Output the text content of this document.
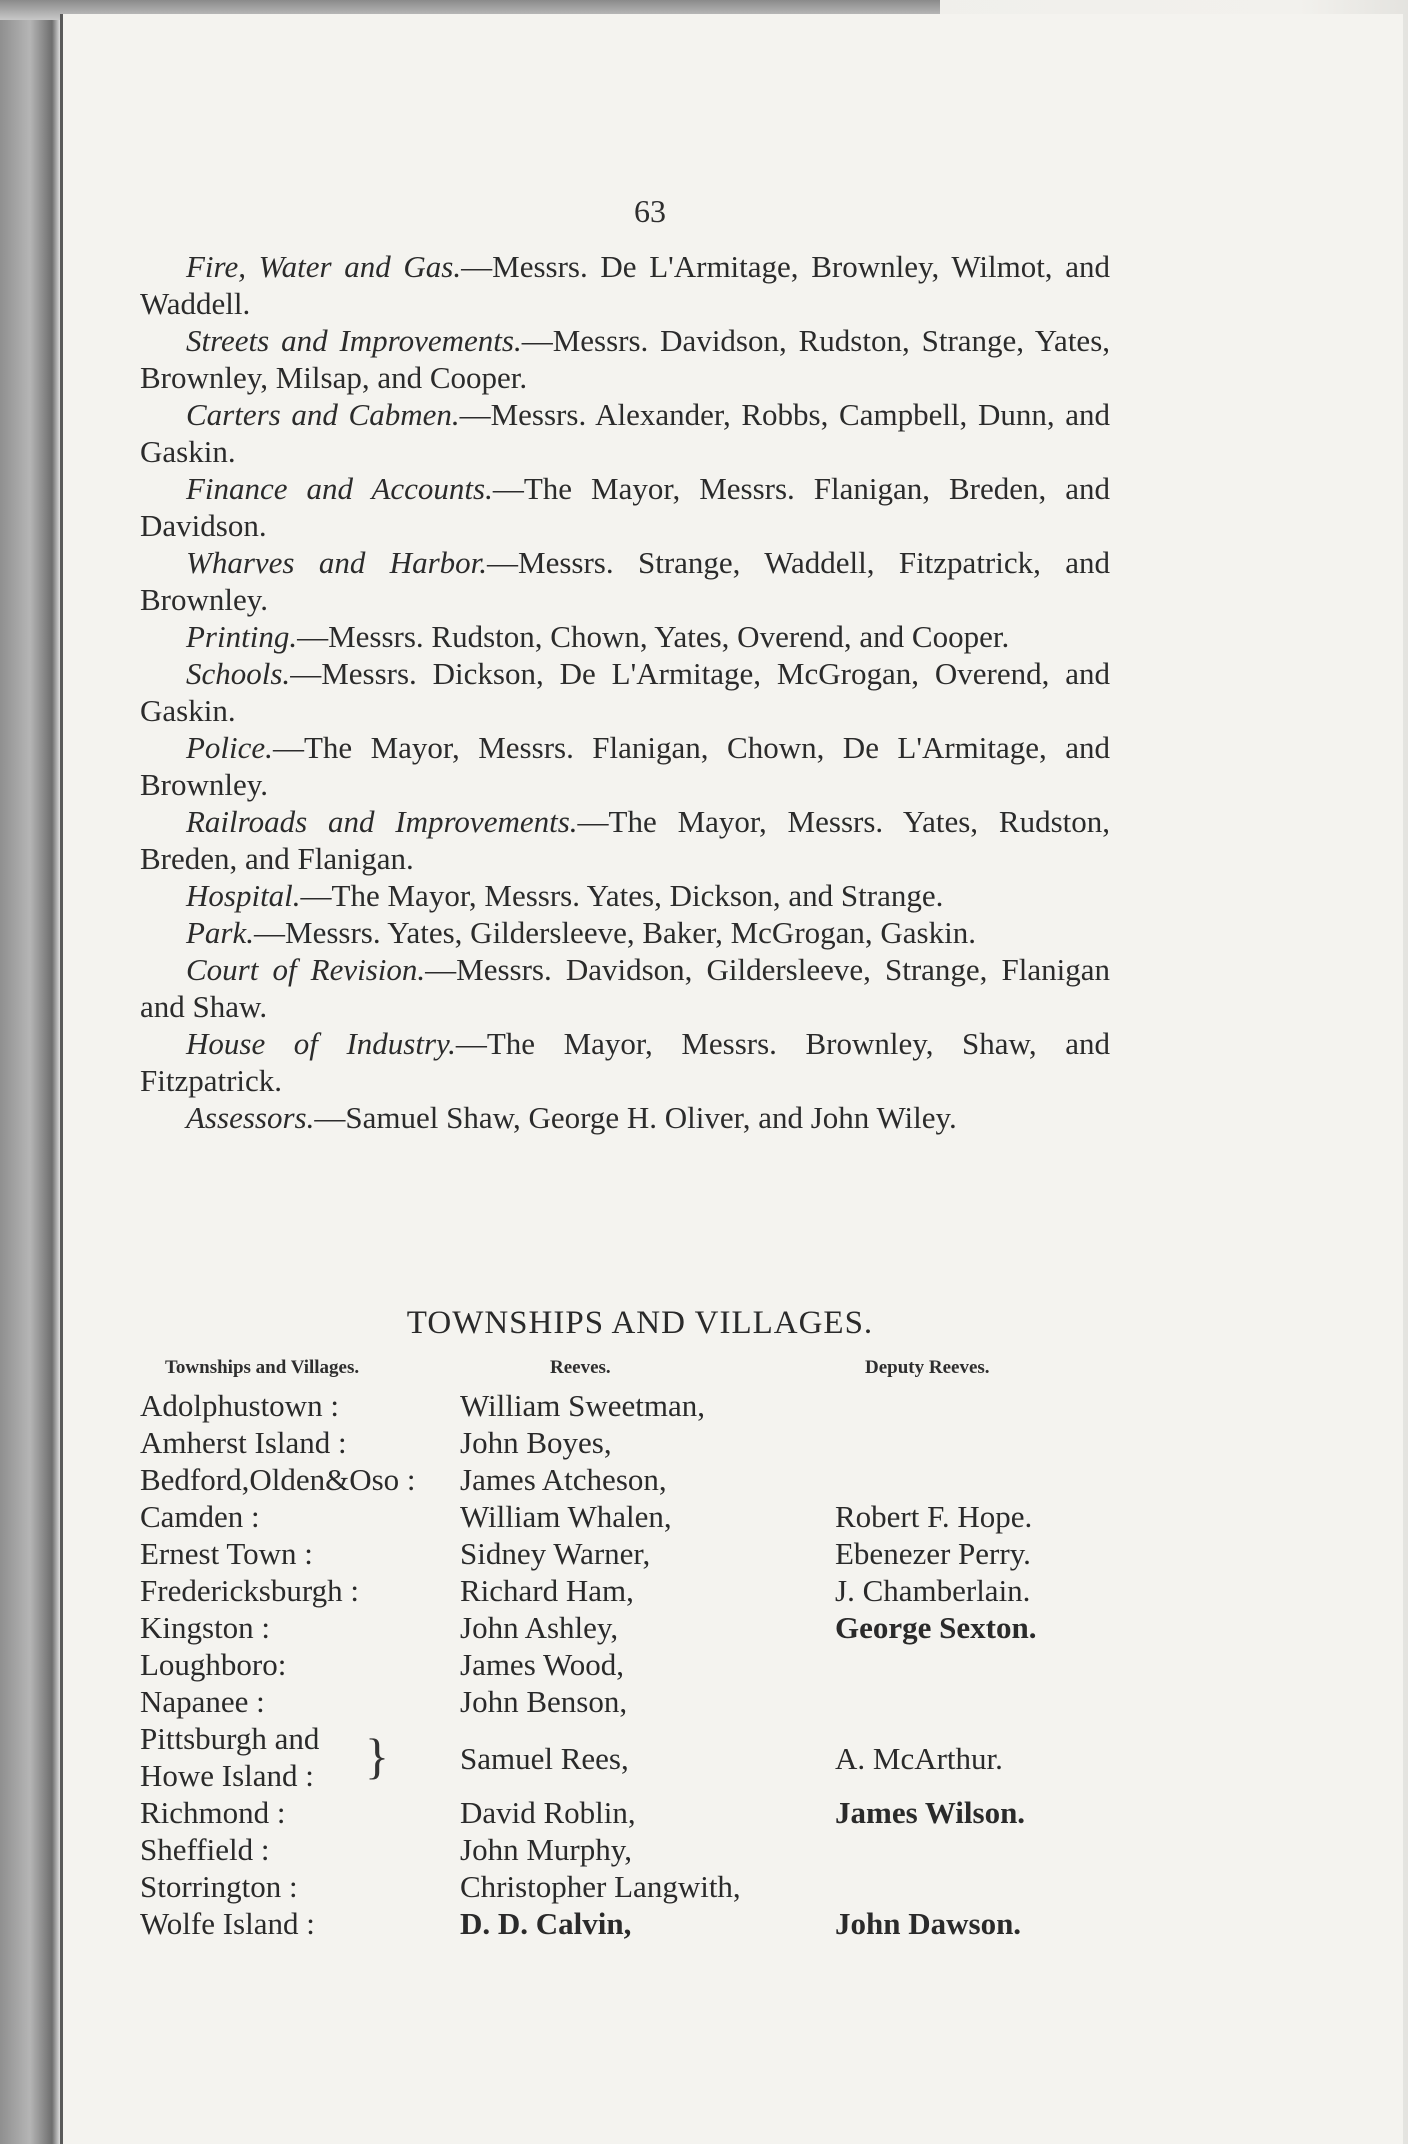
63

Fire, Water and Gas.—Messrs. De L'Armitage, Brownley, Wilmot, and Waddell.

Streets and Improvements.—Messrs. Davidson, Rudston, Strange, Yates, Brownley, Milsap, and Cooper.

Carters and Cabmen.—Messrs. Alexander, Robbs, Campbell, Dunn, and Gaskin.

Finance and Accounts.—The Mayor, Messrs. Flanigan, Breden, and Davidson.

Wharves and Harbor.—Messrs. Strange, Waddell, Fitzpatrick, and Brownley.

Printing.—Messrs. Rudston, Chown, Yates, Overend, and Cooper.

Schools.—Messrs. Dickson, De L'Armitage, McGrogan, Overend, and Gaskin.

Police.—The Mayor, Messrs. Flanigan, Chown, De L'Armitage, and Brownley.

Railroads and Improvements.—The Mayor, Messrs. Yates, Rudston, Breden, and Flanigan.

Hospital.—The Mayor, Messrs. Yates, Dickson, and Strange.

Park.—Messrs. Yates, Gildersleeve, Baker, McGrogan, Gaskin.

Court of Revision.—Messrs. Davidson, Gildersleeve, Strange, Flanigan and Shaw.

House of Industry.—The Mayor, Messrs. Brownley, Shaw, and Fitzpatrick.

Assessors.—Samuel Shaw, George H. Oliver, and John Wiley.

TOWNSHIPS AND VILLAGES.
Townships and Villages.	Reeves.	Deputy Reeves.
Adolphustown :	William Sweetman,
Amherst Island :	John Boyes,
Bedford,Olden&Oso : James Atcheson,
Camden :	William Whalen,	Robert F. Hope.
Ernest Town :	Sidney Warner,	Ebenezer Perry.
Fredericksburgh :	Richard Ham,	J. Chamberlain.
Kingston :	John Ashley,	George Sexton.
Loughboro:	James Wood,
Napanee :	John Benson,
Pittsburgh and
Howe Island : } Samuel Rees,	A. McArthur.
Richmond :	David Roblin,	James Wilson.
Sheffield :	John Murphy,
Storrington :	Christopher Langwith,
Wolfe Island :	D. D. Calvin,	John Dawson.
